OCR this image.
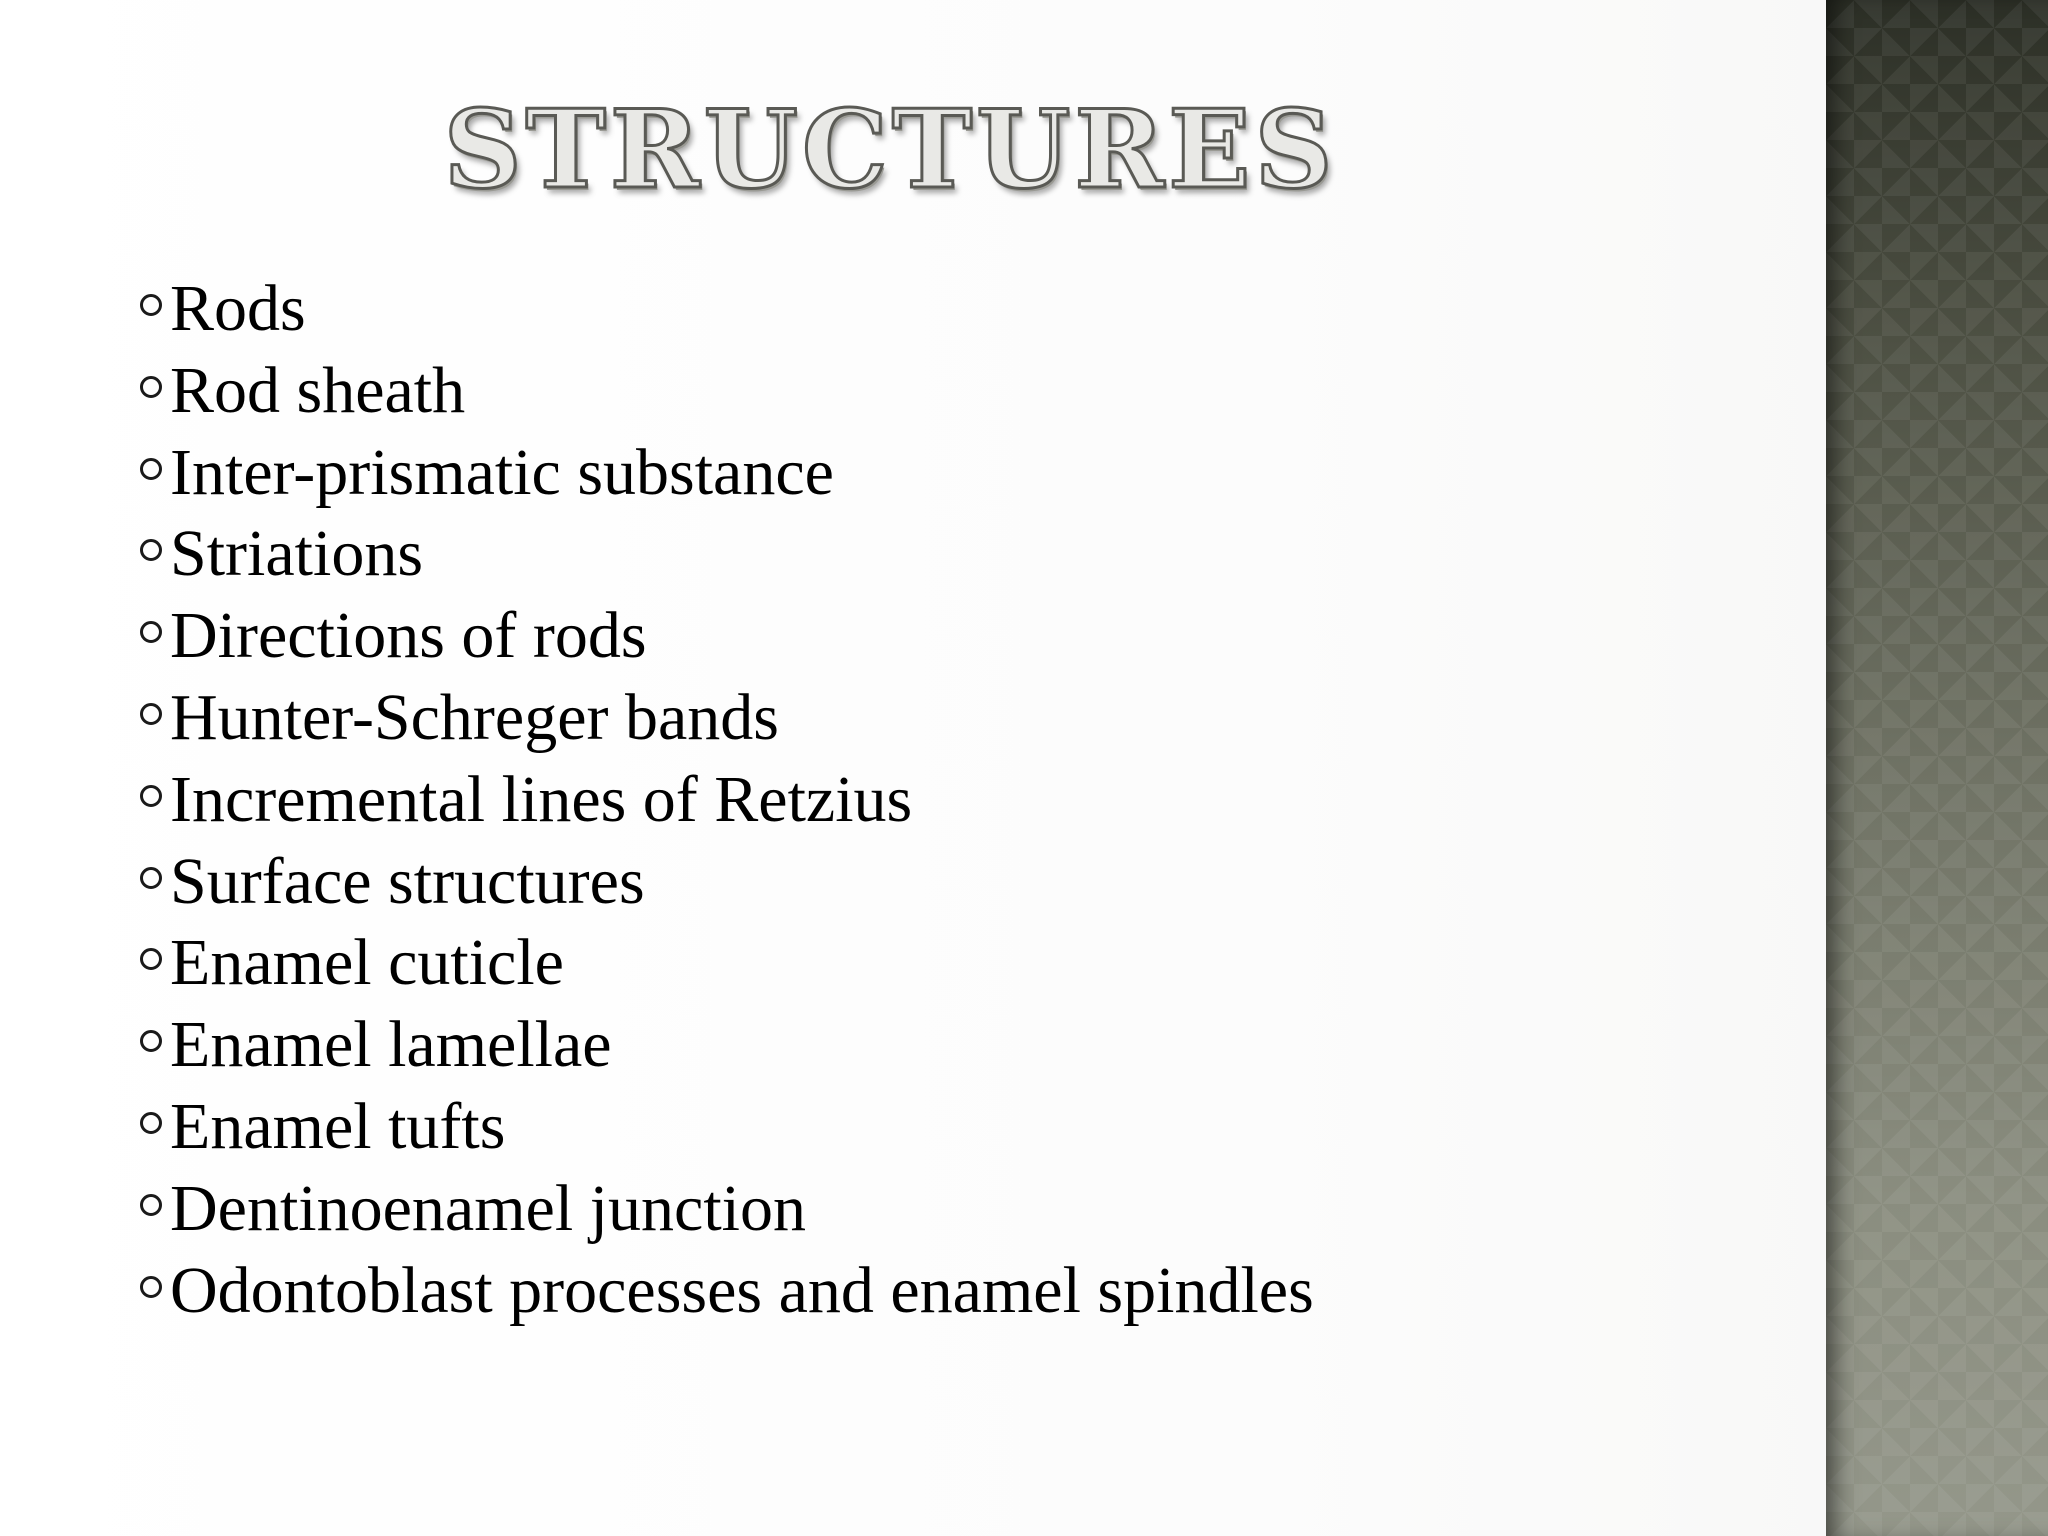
STRUCTURES
Rods
Rod sheath
Inter-prismatic substance
Striations
Directions of rods
Hunter-Schreger bands
Incremental lines of Retzius
Surface structures
Enamel cuticle
Enamel lamellae
Enamel tufts
Dentinoenamel junction
Odontoblast processes and enamel spindles
